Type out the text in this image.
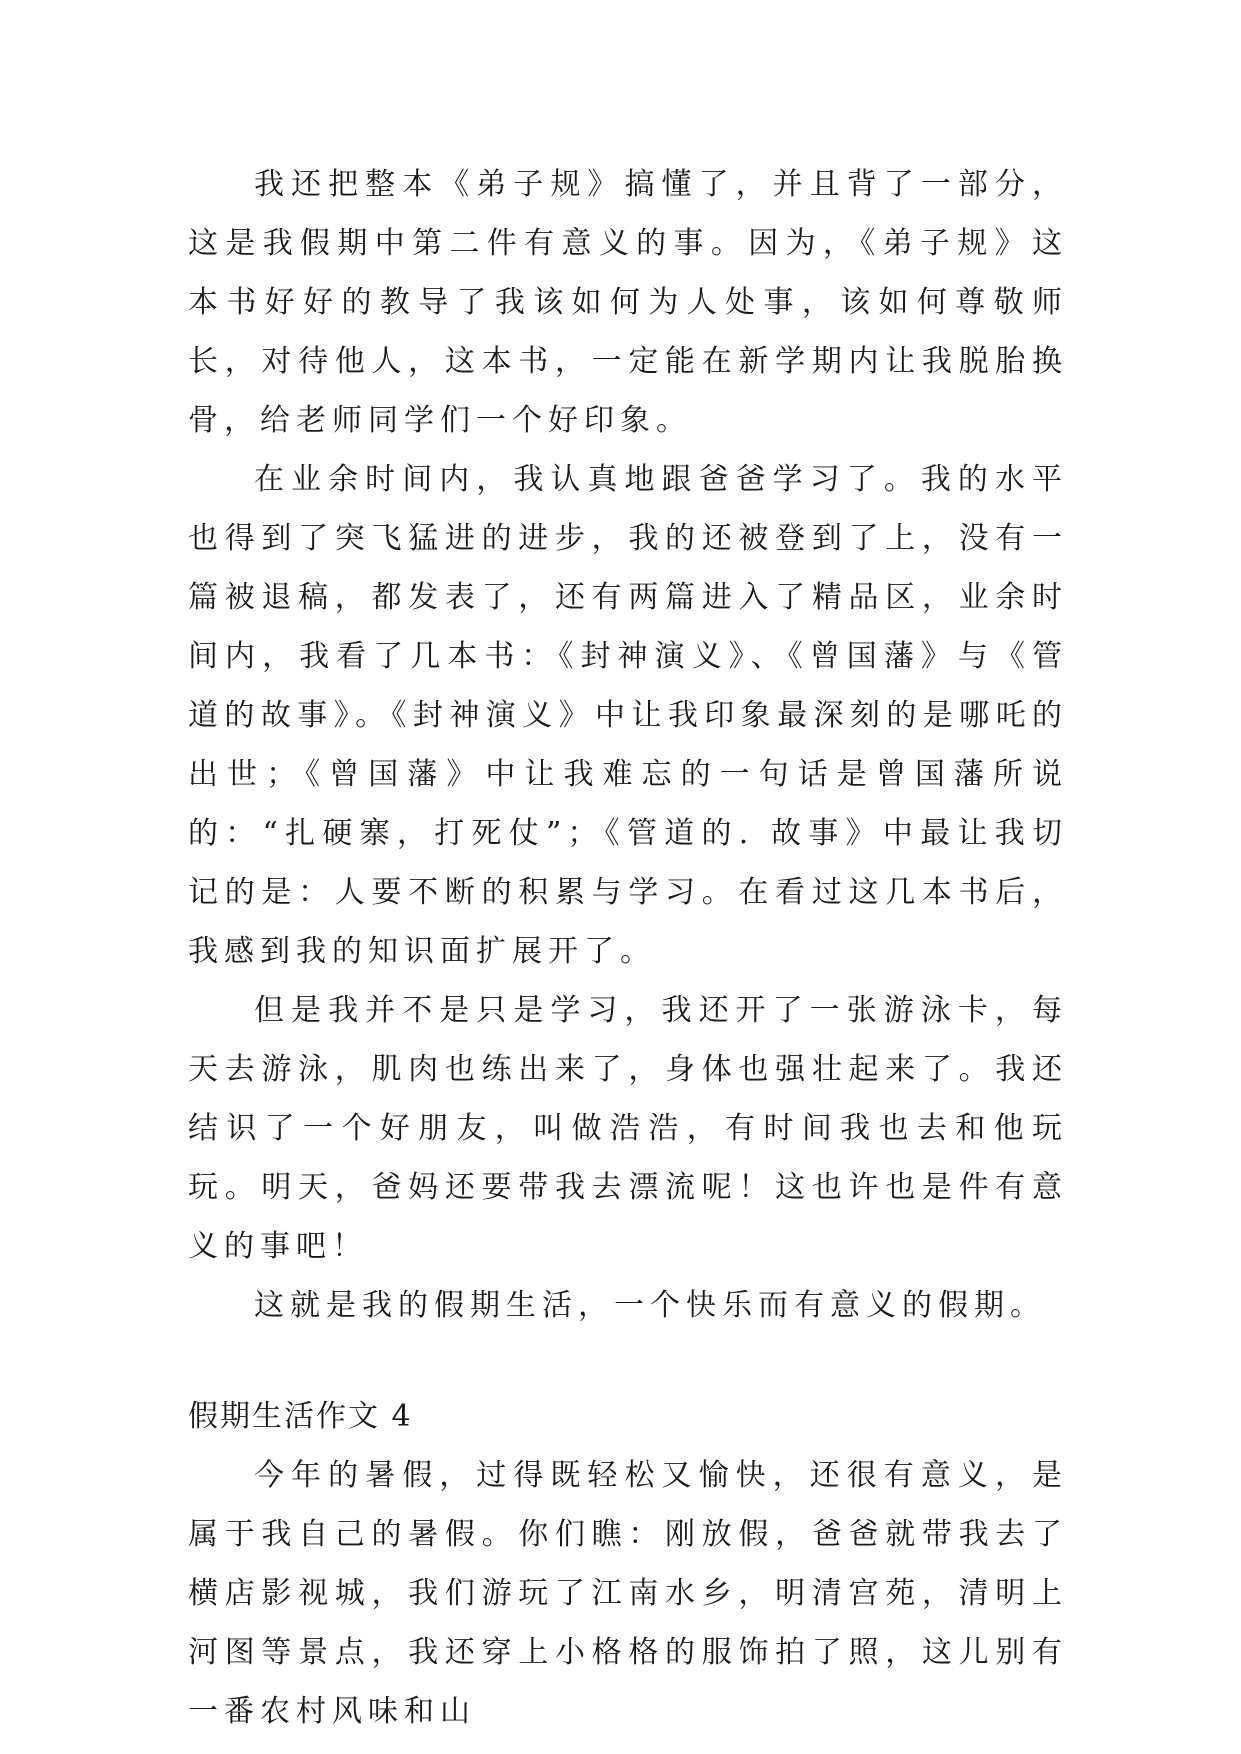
我还把整本《弟子规》搞懂了，并且背了一部分，这是我假期中第二件有意义的事。因为，《弟子规》这本书好好的教导了我该如何为人处事，该如何尊敬师长，对待他人，这本书，一定能在新学期内让我脱胎换骨，给老师同学们一个好印象。

在业余时间内，我认真地跟爸爸学习了。我的水平也得到了突飞猛进的进步，我的还被登到了上，没有一篇被退稿，都发表了，还有两篇进入了精品区，业余时间内，我看了几本书：《封神演义》、《曾国藩》与《管道的故事》。《封神演义》中让我印象最深刻的是哪吒的出世；《曾国藩》中让我难忘的一句话是曾国藩所说的：“扎硬寨，打死仗”；《管道的. 故事》中最让我切记的是：人要不断的积累与学习。在看过这几本书后，我感到我的知识面扩展开了。

但是我并不是只是学习，我还开了一张游泳卡，每天去游泳，肌肉也练出来了，身体也强壮起来了。我还结识了一个好朋友，叫做浩浩，有时间我也去和他玩玩。明天，爸妈还要带我去漂流呢！这也许也是件有意义的事吧！

这就是我的假期生活，一个快乐而有意义的假期。

假期生活作文 4

今年的暑假，过得既轻松又愉快，还很有意义，是属于我自己的暑假。你们瞧：刚放假，爸爸就带我去了横店影视城，我们游玩了江南水乡，明清宫苑，清明上河图等景点，我还穿上小格格的服饰拍了照，这儿别有一番农村风味和山
